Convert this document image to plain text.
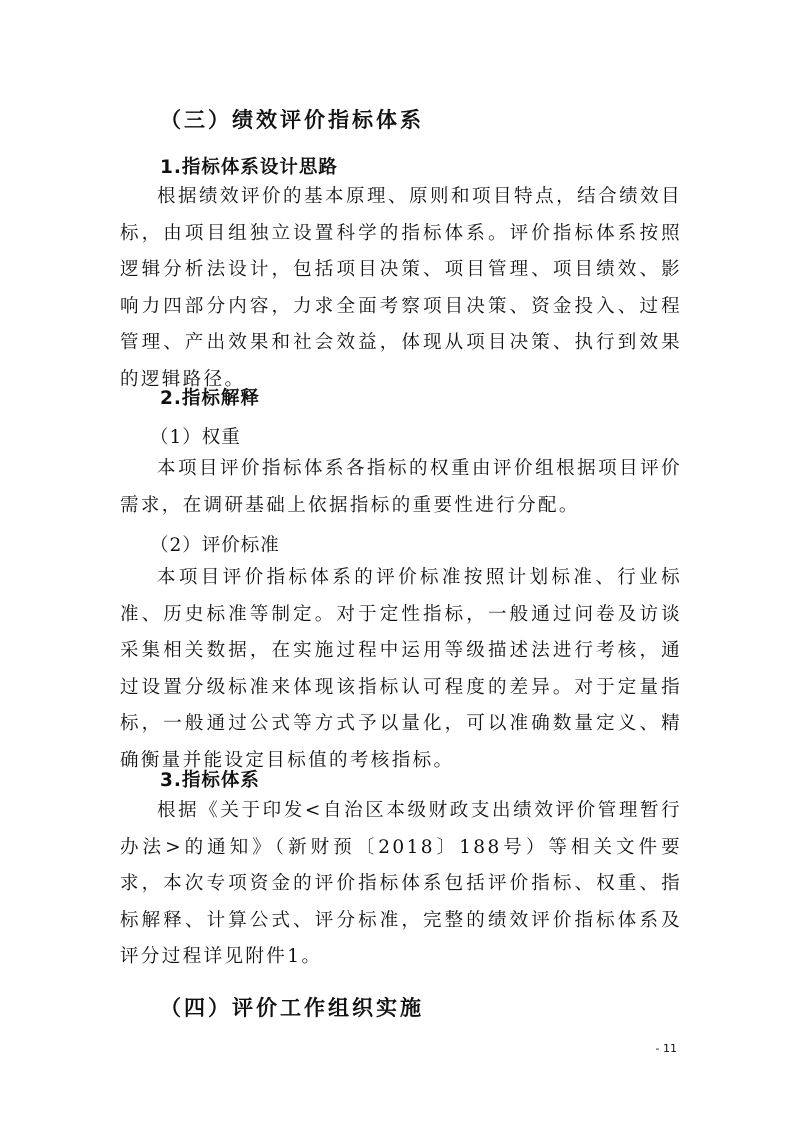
（三）绩效评价指标体系
1.指标体系设计思路
根据绩效评价的基本原理、原则和项目特点，结合绩效目标，由项目组独立设置科学的指标体系。评价指标体系按照逻辑分析法设计，包括项目决策、项目管理、项目绩效、影响力四部分内容，力求全面考察项目决策、资金投入、过程管理、产出效果和社会效益，体现从项目决策、执行到效果的逻辑路径。
2.指标解释
（1）权重
本项目评价指标体系各指标的权重由评价组根据项目评价需求，在调研基础上依据指标的重要性进行分配。
（2）评价标准
本项目评价指标体系的评价标准按照计划标准、行业标准、历史标准等制定。对于定性指标，一般通过问卷及访谈采集相关数据，在实施过程中运用等级描述法进行考核，通过设置分级标准来体现该指标认可程度的差异。对于定量指标，一般通过公式等方式予以量化，可以准确数量定义、精确衡量并能设定目标值的考核指标。
3.指标体系
根据《关于印发<自治区本级财政支出绩效评价管理暂行办法>的通知》（新财预〔2018〕188号）等相关文件要求，本次专项资金的评价指标体系包括评价指标、权重、指标解释、计算公式、评分标准，完整的绩效评价指标体系及评分过程详见附件1。
（四）评价工作组织实施
- 11
